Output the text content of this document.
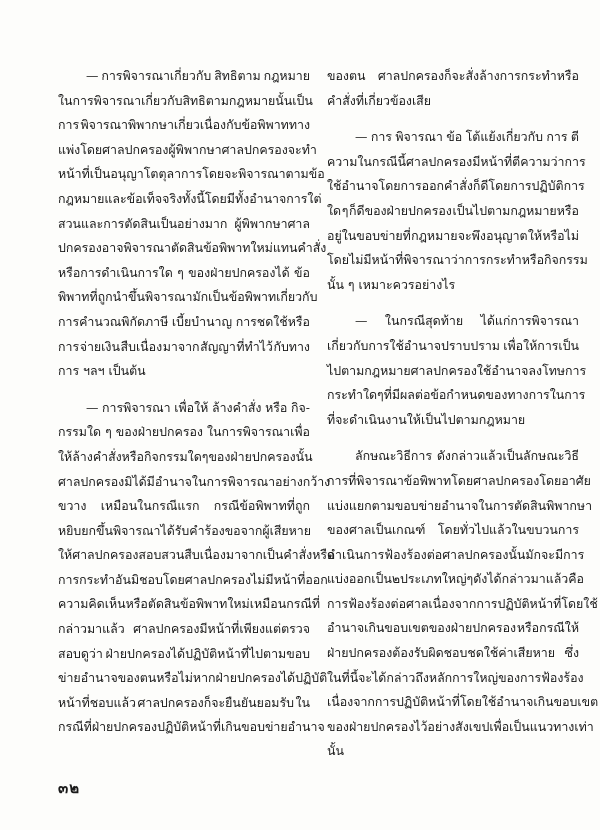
— การพิจารณาเกี่ยวกับ สิทธิตาม กฎหมาย
ในการพิจารณาเกี่ยวกับสิทธิตามกฎหมายนั้นเป็น
การ พิจารณาพิพากษาเกี่ยวเนื่องกับข้อพิพาททาง
แพ่งโดยศาลปกครอง ผู้พิพากษาศาลปกครองจะทำ
หน้าที่เป็นอนุญาโตตุลาการ โดยจะพิจารณาตามข้อ
กฎหมายและข้อเท็จจริงทั้งนี้ โดยมีทั้งอำนาจการใต่
สวนและการตัดสินเป็นอย่างมาก ผู้พิพากษาศาล
ปกครองอาจพิจารณาตัดสินข้อพิพาทใหม่แทนคำสั่ง
หรือการดำเนินการใด ๆ ของฝ่ายปกครองได้ ข้อ
พิพาทที่ถูกนำขึ้นพิจารณามักเป็นข้อพิพาทเกี่ยวกับ
การคำนวณพิกัดภาษี เบี้ยบำนาญ การชดใช้หรือ
การ จ่ายเงิน สืบเนื่อง มาจาก สัญญา ที่ทำไว้ กับทาง
การ ฯลฯ เป็นต้น
— การพิจารณา เพื่อให้ ล้างคำสั่ง หรือ กิจ-
กรรมใด ๆ ของฝ่ายปกครอง ในการพิจารณาเพื่อ
ให้ล้างคำสั่งหรือกิจกรรมใด ๆ ของฝ่ายปกครองนั้น
ศาลปกครองมิได้มีอำนาจในการพิจารณาอย่างกว้าง
ขวาง เหมือนในกรณีแรก กรณีข้อพิพาทที่ถูก
หยิบยกขึ้นพิจารณา ได้รับคำร้องขอจากผู้เสียหาย
ให้ศาลปกครองสอบสวนสืบเนื่องมาจากเป็นคำสั่งหรือ
การกระทำอันมิชอบโดยศาลปกครองไม่มีหน้าที่ออก
ความคิดเห็นหรือตัดสินข้อพิพาทใหม่เหมือนกรณีที่
กล่าวมาแล้ว ศาลปกครองมีหน้าที่เพียงแต่ตรวจ
สอบดูว่า ฝ่ายปกครองได้ปฏิบัติหน้าที่ไปตามขอบ
ข่ายอำนาจของตนหรือไม่ หากฝ่ายปกครองได้ปฏิบัติ
หน้าที่ชอบแล้ว ศาลปกครองก็จะยืนยันยอมรับ ใน
กรณีที่ฝ่ายปกครองปฏิบัติหน้าที่เกินขอบข่ายอำนาจ
ของตน ศาลปกครองก็จะสั่งล้างการกระทำหรือ
คำสั่งที่เกี่ยวข้องเสีย
— การ พิจารณา ข้อ โต้แย้งเกี่ยวกับ การ ตี
ความ ในกรณีนี้ศาลปกครองมีหน้าที่ตีความว่า การ
ใช้อำนาจโดยการออกคำสั่งก็ดี โดยการปฏิบัติการ
ใด ๆ ก็ดีของฝ่ายปกครอง เป็นไปตามกฎหมายหรือ
อยู่ในขอบข่ายที่ กฎหมาย จะพึง อนุญาต ให้ หรือไม่
โดยไม่มีหน้าที่พิจารณาว่าการกระทำหรือกิจกรรม
นั้น ๆ เหมาะควรอย่างไร
— ในกรณีสุดท้าย ได้แก่การพิจารณา
เกี่ยวกับการใช้อำนาจปราบปราม เพื่อให้การเป็น
ไปตามกฎหมาย ศาลปกครองใช้อำนาจลงโทษการ
กระทำใด ๆ ที่มีผลต่อข้อกำหนดของทางการในการ
ที่จะดำเนินงานให้เป็นไปตามกฎหมาย
ลักษณะวิธีการ ดังกล่าวแล้วเป็นลักษณะวิธี
การที่พิจารณา ข้อพิพาท โดยศาล ปกครองโดยอาศัย
แบ่งแยกตามขอบข่ายอำนาจในการตัดสินพิพากษา
ของศาลเป็นเกณฑ์ โดยทั่วไปแล้วในขบวนการ
ดำเนินการฟ้องร้องต่อศาลปกครองนั้น มักจะมีการ
แบ่งออกเป็น ๒ ประเภทใหญ่ๆ ดังได้กล่าวมาแล้วคือ
การฟ้องร้องต่อศาลเนื่องจากการปฏิบัติหน้าที่โดยใช้
อำนาจเกินขอบเขตของฝ่ายปกครอง หรือกรณีให้
ฝ่ายปกครองต้องรับผิดชอบชดใช้ค่าเสียหาย ซึ่ง
ในที่นี้จะได้กล่าวถึงหลักการใหญ่ของการฟ้องร้อง
เนื่องจากการปฏิบัติหน้าที่โดยใช้อำนาจเกินขอบเขต
ของฝ่ายปกครองไว้อย่างสังเขปเพื่อเป็นแนวทางเท่า
นั้น
๓๒
